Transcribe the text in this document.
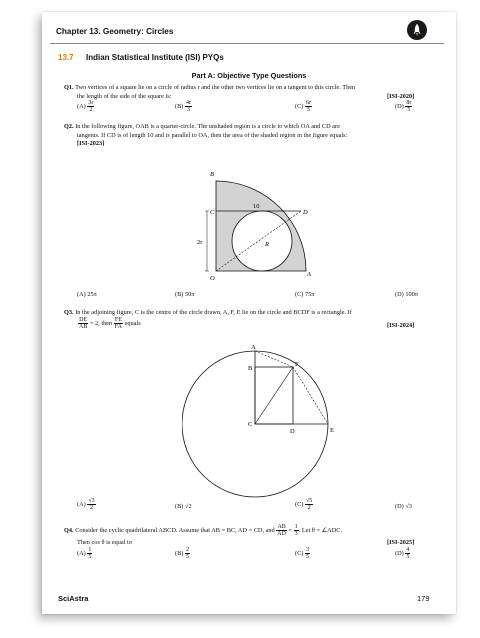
Chapter 13. Geometry: Circles
13.7 Indian Statistical Institute (ISI) PYQs
Part A: Objective Type Questions
Q1. Two vertices of a square lie on a circle of radius r and the other two vertices lie on a tangent to this circle. Then
the length of the side of the square is:	[ISI-2020]
$(A) \frac{3r}{2}$	$(B) \frac{4r}{3}$	$(C) \frac{6r}{5}$	$(D) \frac{8r}{5}$
Q2. In the following figure, OAB is a quarter-circle. The unshaded region is a circle to which OA and CD are
tangents. If CD is of length 10 and is parallel to OA, then the area of the shaded region in the figure equals:
[ISI-2023]
B
C	D
O
A
R
2r
10
(A) 25π	(B) 50π	(C) 75π	(D) 100π
Q3. In the adjoining figure, C is the centre of the circle drawn, A, F, E lie on the circle and BCDF is a rectangle. If
$\frac{DE}{AB} = 2$, then $\frac{FE}{FA}$ equals	[ISI-2024]
A
B
F
C
D	E
$(A) \frac{√3}{2}$	(B) √2	$(C) \frac{√5}{2}$	(D) √3
Q4. Consider the cyclic quadrilateral ABCD. Assume that AB = BC, AD = CD, and $\frac{AB}{AD} = \frac{1}{3}$ . Let θ = ∠ADC.
Then cos θ is equal to	[ISI-2025]
$(A) \frac{1}{5}$	$(B) \frac{2}{5}$	$(C) \frac{3}{5}$	$(D) \frac{4}{5}$
SciAstra	179
